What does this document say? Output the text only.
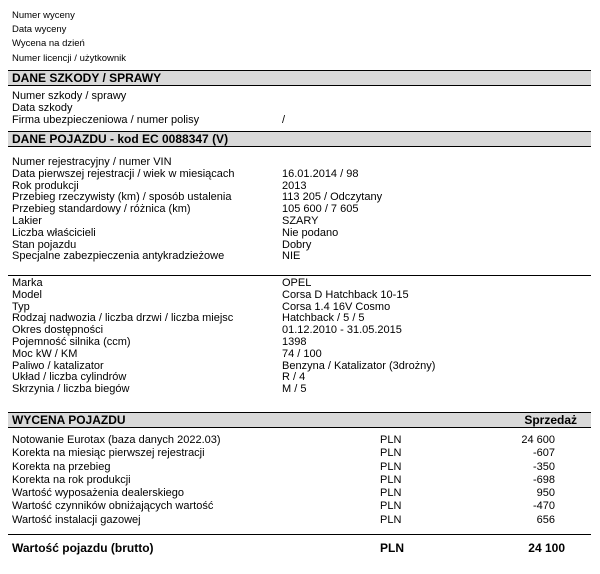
Numer wyceny
Data wyceny
Wycena na dzień
Numer licencji / użytkownik
DANE SZKODY / SPRAWY
Numer szkody / sprawy
Data szkody
Firma ubezpieczeniowa / numer polisy	/
DANE POJAZDU - kod EC 0088347 (V)
Numer rejestracyjny / numer VIN
Data pierwszej rejestracji / wiek w miesiącach	16.01.2014 / 98
Rok produkcji	2013
Przebieg rzeczywisty (km) / sposób ustalenia	113 205 / Odczytany
Przebieg standardowy / różnica (km)	105 600 / 7 605
Lakier	SZARY
Liczba właścicieli	Nie podano
Stan pojazdu	Dobry
Specjalne zabezpieczenia antykradzieżowe	NIE
Marka	OPEL
Model	Corsa D Hatchback 10-15
Typ	Corsa 1.4 16V Cosmo
Rodzaj nadwozia / liczba drzwi / liczba miejsc	Hatchback / 5 / 5
Okres dostępności	01.12.2010 - 31.05.2015
Pojemność silnika (ccm)	1398
Moc kW / KM	74 / 100
Paliwo / katalizator	Benzyna / Katalizator (3drożny)
Układ / liczba cylindrów	R / 4
Skrzynia / liczba biegów	M / 5
WYCENA POJAZDU	Sprzedaż
Notowanie Eurotax (baza danych 2022.03)	PLN	24 600
Korekta na miesiąc pierwszej rejestracji	PLN	-607
Korekta na przebieg	PLN	-350
Korekta na rok produkcji	PLN	-698
Wartość wyposażenia dealerskiego	PLN	950
Wartość czynników obniżających wartość	PLN	-470
Wartość instalacji gazowej	PLN	656
Wartość pojazdu (brutto)	PLN	24 100
